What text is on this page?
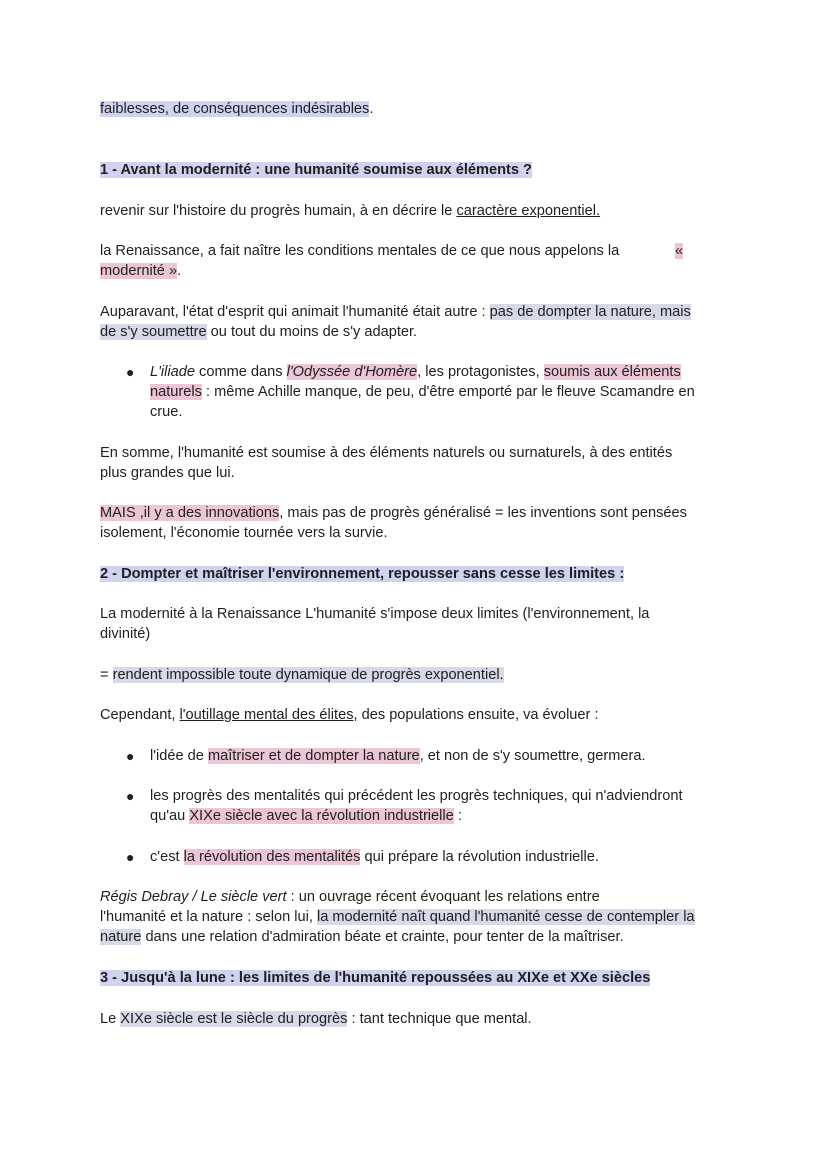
faiblesses, de conséquences indésirables.
1 - Avant la modernité : une humanité soumise aux éléments ?
revenir sur l'histoire du progrès humain, à en décrire le caractère exponentiel.
la Renaissance, a fait naître les conditions mentales de ce que nous appelons la	«
modernité ».
Auparavant, l'état d'esprit qui animait l'humanité était autre : pas de dompter la nature, mais
de s'y soumettre ou tout du moins de s'y adapter.
● L'iliade comme dans l'Odyssée d'Homère, les protagonistes, soumis aux éléments
naturels : même Achille manque, de peu, d'être emporté par le fleuve Scamandre en
crue.
En somme, l'humanité est soumise à des éléments naturels ou surnaturels, à des entités
plus grandes que lui.
MAIS ,il y a des innovations, mais pas de progrès généralisé = les inventions sont pensées
isolement, l'économie tournée vers la survie.
2 - Dompter et maîtriser l'environnement, repousser sans cesse les limites :
La modernité à la Renaissance L'humanité s'impose deux limites (l'environnement, la
divinité)
= rendent impossible toute dynamique de progrès exponentiel.
Cependant, l'outillage mental des élites, des populations ensuite, va évoluer :
● l'idée de maîtriser et de dompter la nature, et non de s'y soumettre, germera.
● les progrès des mentalités qui précédent les progrès techniques, qui n'adviendront
qu'au XIXe siècle avec la révolution industrielle :
● c'est la révolution des mentalités qui prépare la révolution industrielle.
Régis Debray / Le siècle vert : un ouvrage récent évoquant les relations entre
l'humanité et la nature : selon lui, la modernité naît quand l'humanité cesse de contempler la
nature dans une relation d'admiration béate et crainte, pour tenter de la maîtriser.
3 - Jusqu'à la lune : les limites de l'humanité repoussées au XIXe et XXe siècles
Le XIXe siècle est le siècle du progrès : tant technique que mental.
